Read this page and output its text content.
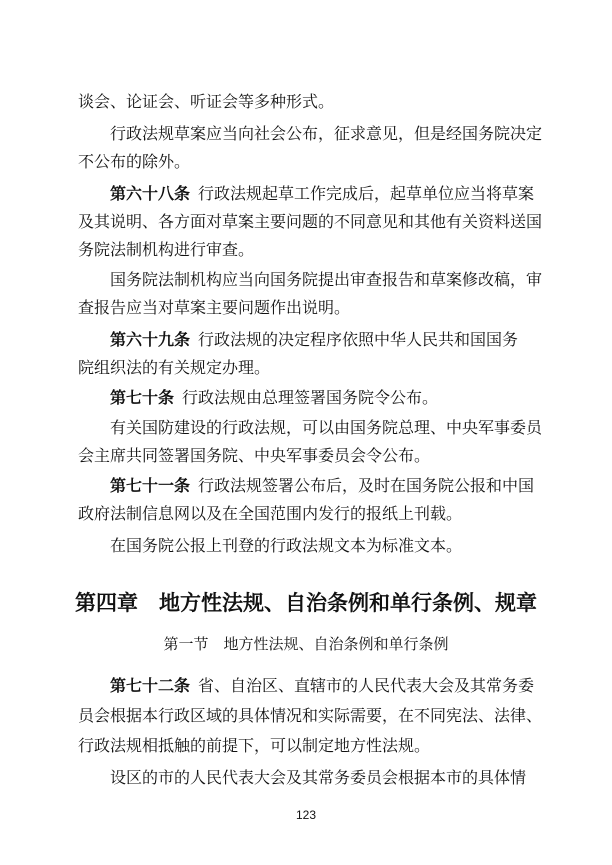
谈会、论证会、听证会等多种形式。
行政法规草案应当向社会公布，征求意见，但是经国务院决定
不公布的除外。
第六十八条 行政法规起草工作完成后，起草单位应当将草案
及其说明、各方面对草案主要问题的不同意见和其他有关资料送国
务院法制机构进行审查。
国务院法制机构应当向国务院提出审查报告和草案修改稿，审
查报告应当对草案主要问题作出说明。
第六十九条 行政法规的决定程序依照中华人民共和国国务
院组织法的有关规定办理。
第七十条 行政法规由总理签署国务院令公布。
有关国防建设的行政法规，可以由国务院总理、中央军事委员
会主席共同签署国务院、中央军事委员会令公布。
第七十一条 行政法规签署公布后，及时在国务院公报和中国
政府法制信息网以及在全国范围内发行的报纸上刊载。
在国务院公报上刊登的行政法规文本为标准文本。
第四章　地方性法规、自治条例和单行条例、规章
第一节　地方性法规、自治条例和单行条例
第七十二条 省、自治区、直辖市的人民代表大会及其常务委
员会根据本行政区域的具体情况和实际需要，在不同宪法、法律、
行政法规相抵触的前提下，可以制定地方性法规。
设区的市的人民代表大会及其常务委员会根据本市的具体情
123
